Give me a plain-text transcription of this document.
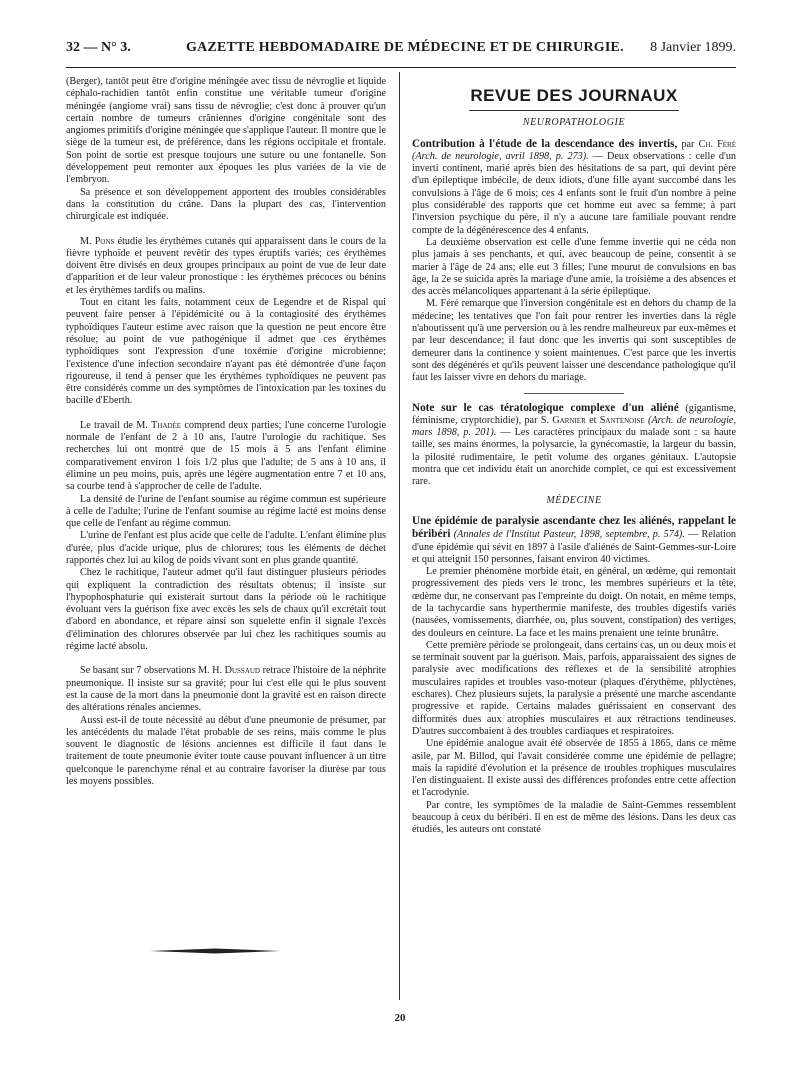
32 — N° 3.	GAZETTE HEBDOMADAIRE DE MÉDECINE ET DE CHIRURGIE. 8 Janvier 1899.

(Berger), tantôt peut être d'origine méningée avec tissu de névroglie et liquide céphalo-rachidien tantôt enfin constitue une véritable tumeur d'origine méningée (angiome vrai) sans tissu de névroglie; c'est donc à prouver qu'un certain nombre de tumeurs crâniennes d'origine congénitale sont des angiomes primitifs d'origine méningée que s'applique l'auteur. Il montre que le siège de la tumeur est, de préférence, dans les régions occipitale et frontale. Son point de sortie est presque toujours une suture ou une fontanelle. Son développement peut remonter aux époques les plus variées de la vie de l'embryon.

Sa présence et son développement apportent des troubles considérables dans la constitution du crâne. Dans la plupart des cas, l'intervention chirurgicale est indiquée.

M. Pons étudie les érythèmes cutanés qui apparaissent dans le cours de la fièvre typhoïde et peuvent revêtir des types éruptifs variés; ces érythèmes doivent être divisés en deux groupes principaux au point de vue de leur date d'apparition et de leur valeur pronostique : les érythèmes précoces ou bénins et les érythèmes tardifs ou malins.

Tout en citant les faits, notamment ceux de Legendre et de Rispal qui peuvent faire penser à l'épidémicité ou à la contagiosité des érythèmes typhoïdiques l'auteur estime avec raison que la question ne peut encore être résolue; au point de vue pathogénique il admet que ces érythèmes typhoïdiques sont l'expression d'une toxémie d'origine microbienne; l'existence d'une infection secondaire n'ayant pas été démontrée d'une façon rigoureuse, il tend à penser que les érythèmes typhoïdiques ne peuvent pas être considérés comme un des symptômes de l'intoxication par les toxines du bacille d'Eberth.

Le travail de M. Thadée comprend deux parties; l'une concerne l'urologie normale de l'enfant de 2 à 10 ans, l'autre l'urologie du rachitique. Ses recherches lui ont montré que de 15 mois à 5 ans l'enfant élimine comparativement environ 1 fois 1/2 plus que l'adulte; de 5 ans à 10 ans, il élimine un peu moins, puis, après une légère augmentation entre 7 et 10 ans, sa courbe tend à s'approcher de celle de l'adulte.

La densité de l'urine de l'enfant soumise au régime commun est supérieure à celle de l'adulte; l'urine de l'enfant soumise au régime lacté est moins dense que celle de l'enfant au régime commun.

L'urine de l'enfant est plus acide que celle de l'adulte. L'enfant élimine plus d'urée, plus d'acide urique, plus de chlorures; tous les éléments de déchet rapportés chez lui au kilog de poids vivant sont en plus grande quantité.

Chez le rachitique, l'auteur admet qu'il faut distinguer plusieurs périodes qui expliquent la contradiction des résultats obtenus; il insiste sur l'hypophosphaturie qui existerait surtout dans la période où le rachitique évoluant vers la guérison fixe avec excès les sels de chaux qu'il excrétait tout d'abord en abondance, et répare ainsi son squelette enfin il signale l'excès d'élimination des chlorures observée par lui chez les rachitiques soumis au régime lacté absolu.

Se basant sur 7 observations M. H. Dussaud retrace l'histoire de la néphrite pneumonique. Il insiste sur sa gravité; pour lui c'est elle qui le plus souvent est la cause de la mort dans la pneumonie dont la gravité est en raison directe des altérations rénales anciennes.

Aussi est-il de toute nécessité au début d'une pneumonie de présumer, par les antécédents du malade l'état probable de ses reins, mais comme le plus souvent le diagnostic de lésions anciennes est difficile il faut dans le traitement de toute pneumonie éviter toute cause pouvant influencer à un titre quelconque le parenchyme rénal et au contraire favoriser la diurèse par tous les moyens possibles.

REVUE DES JOURNAUX
NEUROPATHOLOGIE

Contribution à l'étude de la descendance des invertis, par Ch. Féré (Arch. de neurologie, avril 1898, p. 273). — Deux observations : celle d'un inverti continent, marié après bien des hésitations de sa part, qui devint père d'un épileptique imbécile, de deux idiots, d'une fille ayant succombé dans les convulsions à l'âge de 6 mois; ces 4 enfants sont le fruit d'un nombre à peine plus considérable des rapports que cet homme eut avec sa femme; à part l'inversion psychique du père, il n'y a aucune tare familiale pouvant rendre compte de la dégénérescence des 4 enfants.

La deuxième observation est celle d'une femme invertie qui ne céda non plus jamais à ses penchants, et qui, avec beaucoup de peine, consentit à se marier à l'âge de 24 ans; elle eut 3 filles; l'une mourut de convulsions en bas âge, la 2e se suicida après la mariage d'une amie, la troisième a des absences et des accès mélancoliques appartenant à la série épileptique.

M. Féré remarque que l'inversion congénitale est en dehors du champ de la médecine; les tentatives que l'on fait pour rentrer les inverties dans la règle n'aboutissent qu'à une perversion ou à les rendre malheureux par eux-mêmes et par leur descendance; il faut donc que les invertis qui sont susceptibles de demeurer dans la continence y soient maintenues. C'est parce que les invertis sont des dégénérés et qu'ils peuvent laisser une descendance pathologique qu'il faut les laisser vivre en dehors du mariage.

Note sur le cas tératologique complexe d'un aliéné (gigantisme, féminisme, cryptorchidie), par S. Garnier et Santenoise (Arch. de neurologie, mars 1898, p. 201). — Les caractères principaux du malade sont : sa haute taille, ses mains énormes, la polysarcie, la gynécomastie, la largeur du bassin, la pilosité rudimentaire, le petit volume des organes génitaux. L'autopsie montra que cet individu était un anorchide complet, ce qui est excessivement rare.

MÉDECINE

Une épidémie de paralysie ascendante chez les aliénés, rappelant le béribéri (Annales de l'Institut Pasteur, 1898, septembre, p. 574). — Relation d'une épidémie qui sévit en 1897 à l'asile d'aliénés de Saint-Gemmes-sur-Loire et qui atteignit 150 personnes, faisant environ 40 victimes.

Le premier phénomène morbide était, en général, un œdème, qui remontait progressivement des pieds vers le tronc, les membres supérieurs et la tête, œdème dur, ne conservant pas l'empreinte du doigt. On notait, en même temps, de la tachycardie sans hyperthermie manifeste, des troubles digestifs variés (nausées, vomissements, diarrhée, ou, plus souvent, constipation) des vertiges, des douleurs en ceinture. La face et les mains prenaient une teinte brunâtre.

Cette première période se prolongeait, dans certains cas, un ou deux mois et se terminait souvent par la guérison. Mais, parfois, apparaissaient des signes de paralysie avec modifications des réflexes et de la sensibilité atrophies musculaires rapides et troubles vaso-moteur (plaques d'érythème, phlyctènes, eschares). Chez plusieurs sujets, la paralysie a présenté une marche ascendante progressive et rapide. Certains malades guérissaient en conservant des difformités dues aux atrophies musculaires et aux rétractions tendineuses. D'autres succombaient à des troubles cardiaques et respiratoires.

Une épidémie analogue avait été observée de 1855 à 1865, dans ce même asile, par M. Billod, qui l'avait considérée comme une épidémie de pellagre; mais la rapidité d'évolution et la présence de troubles trophiques musculaires l'en distinguaient. Il existe aussi des différences profondes entre cette affection et l'acrodynie.

Par contre, les symptômes de la maladie de Saint-Gemmes ressemblent beaucoup à ceux du béribéri. Il en est de même des lésions. Dans les deux cas étudiés, les auteurs ont constaté

20
